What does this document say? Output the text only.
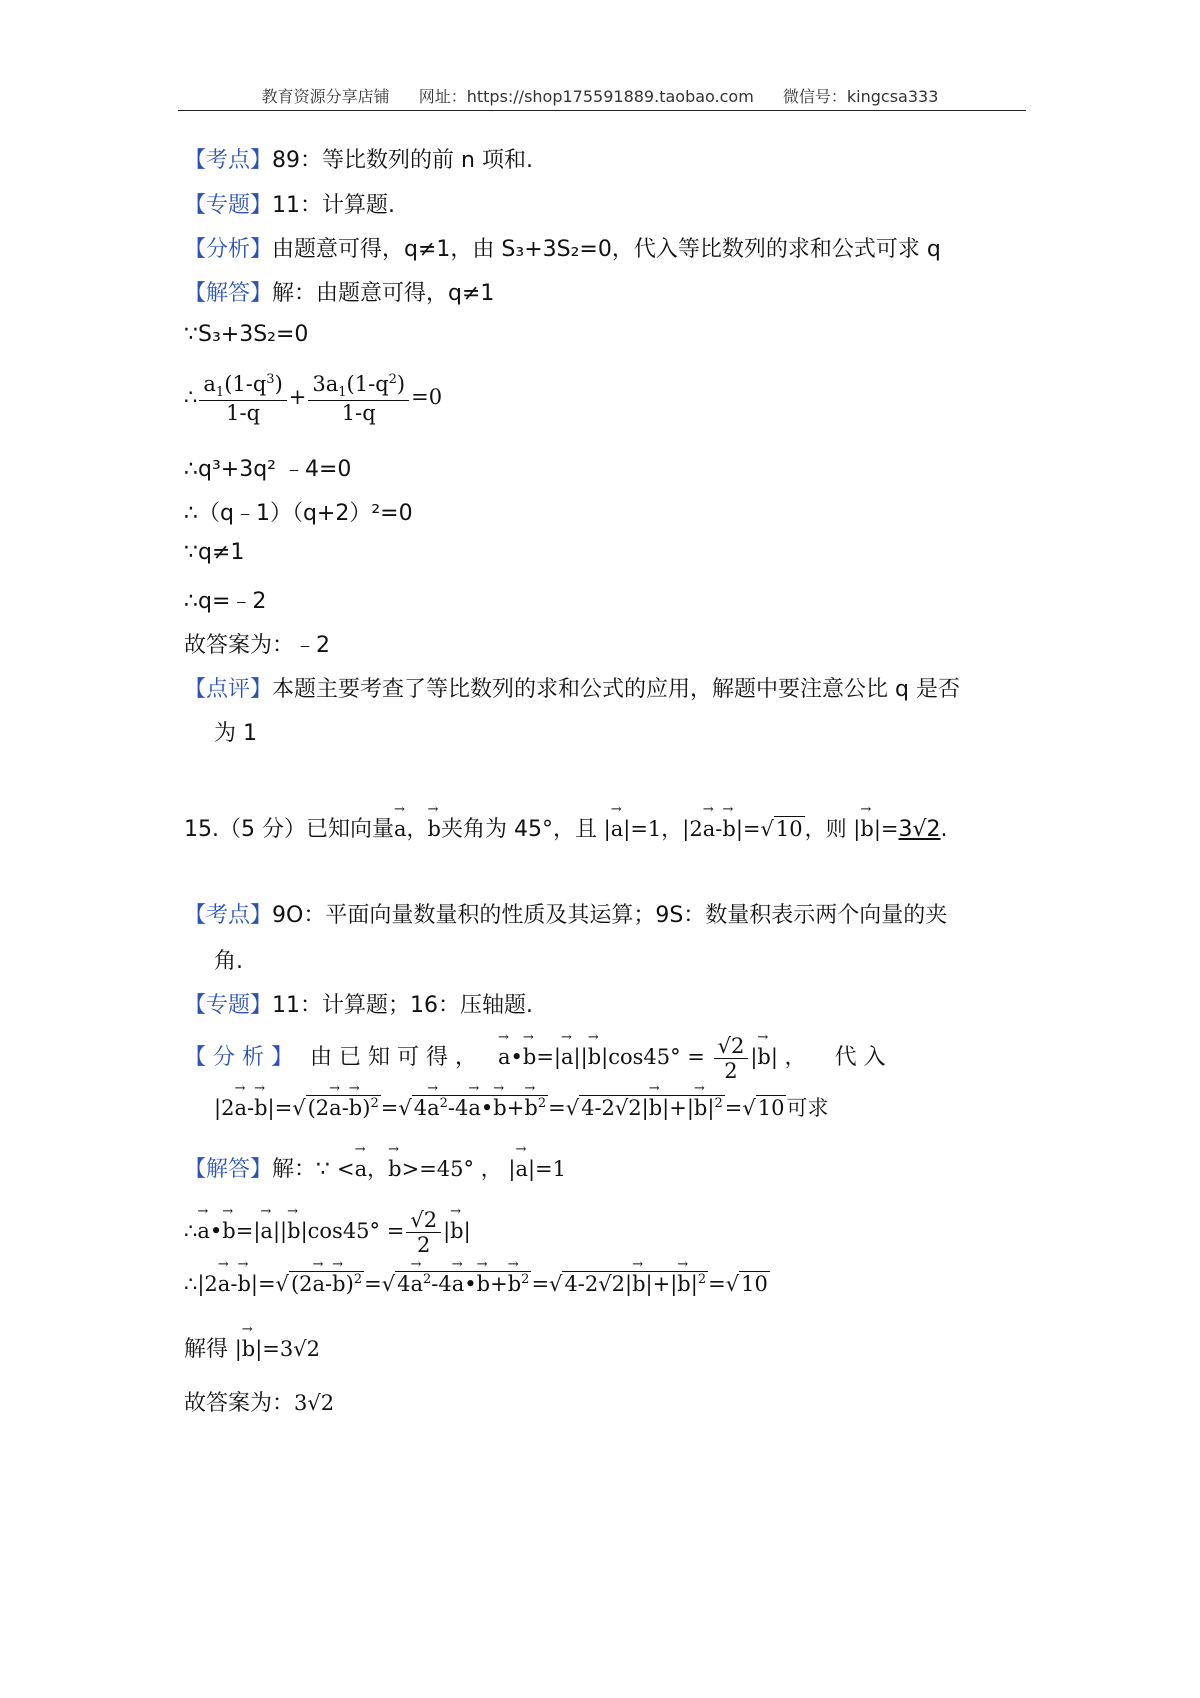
教育资源分享店铺 网址：https://shop175591889.taobao.com 微信号：kingcsa333
【考点】89：等比数列的前 n 项和.
【专题】11：计算题.
【分析】由题意可得，q≠1，由 S₃+3S₂=0，代入等比数列的求和公式可求 q
【解答】解：由题意可得，q≠1
∵S₃+3S₂=0
∴ $\frac{a_1(1-q^3)}{1-q} + \frac{3a_1(1-q^2)}{1-q} =0$
∴q³+3q² ﹣4=0
∴（q﹣1）（q+2）²=0
∵q≠1
∴q=﹣2
故答案为：﹣2
【点评】本题主要考查了等比数列的求和公式的应用，解题中要注意公比 q 是否
为 1
15.（5 分）已知向量→ a，→ b夹角为 45°，且 |→ a|=1，|2→ a-→ b|=√10，则 |→ b|=3√2.
【考点】9O：平面向量数量积的性质及其运算；9S：数量积表示两个向量的夹
角.
【专题】11：计算题；16：压轴题.
【 分 析 】 由 已 知 可 得 ， → a•→ $b=|\to a||\to b|\cos 45^\circ = \frac{√2}{2}$ |→ b| ， 代 入
$|2\to a-\to b|=√(2\to a-\to b)^2=√4\to a^2-4\to$ a•→ $b+\to b^2=√4-2√2|\to b|+|\to b|^2=√10$可求
【解答】解：∵ <→ a，→ b>=45° ， |→ a|=1
∴→ a•→ $b=|\to a||\to b|\cos 45^\circ = \frac{√2}{2}$ |→ b|
∴|2→ $a-\to b|=√(2\to a-\to b)^2=√4\to a^2-4\to$ a•→ $b+\to b^2=√4-2√2|\to b|+|\to b|^2=√10$
解得 |→ b|=3√2
故答案为：3√2
